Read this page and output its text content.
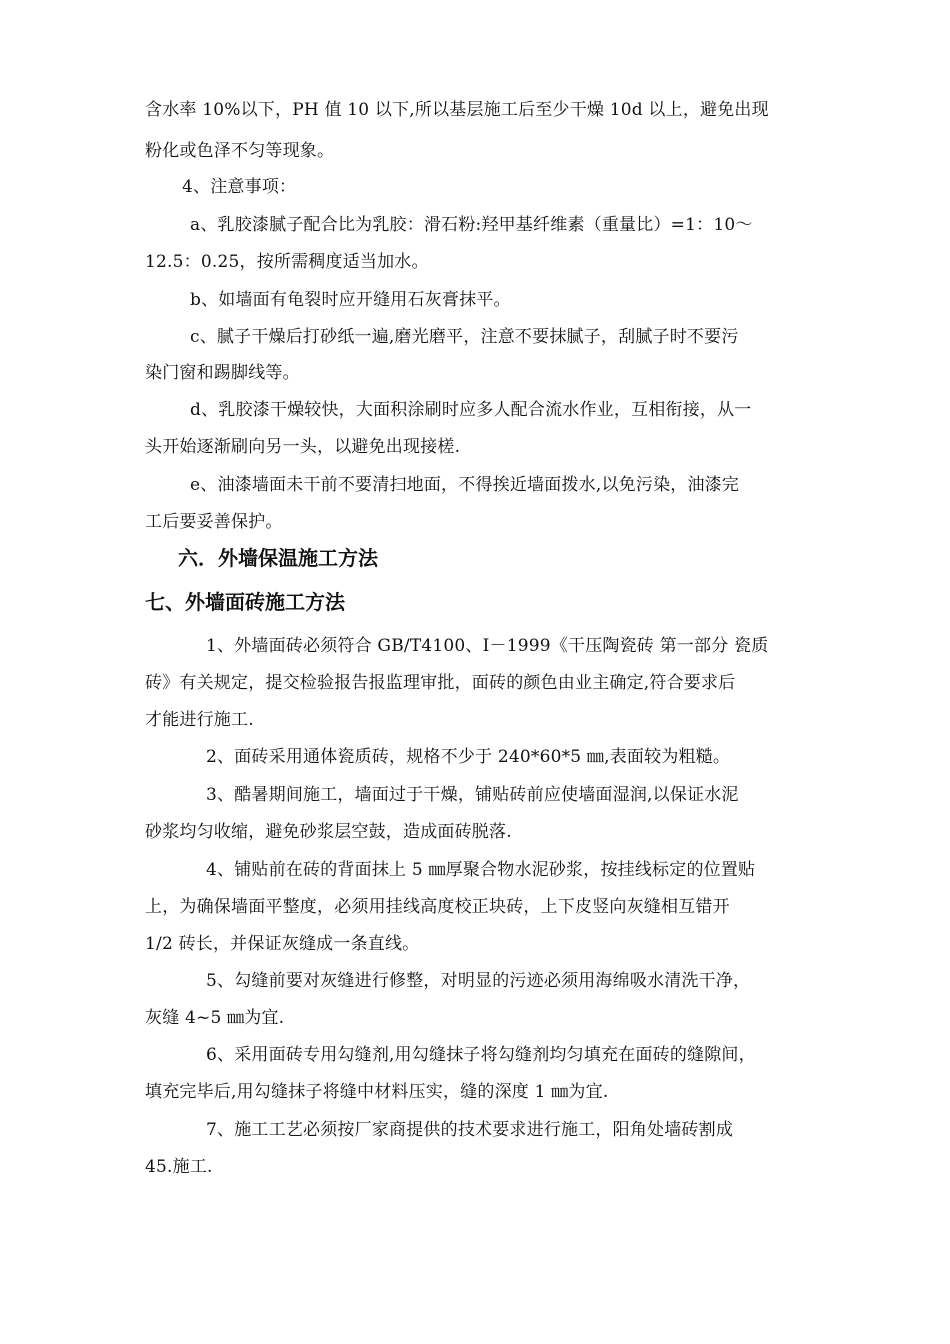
含水率 10%以下，PH 值 10 以下,所以基层施工后至少干燥 10d 以上，避免出现
粉化或色泽不匀等现象。
4、注意事项：
a、乳胶漆腻子配合比为乳胶：滑石粉:羟甲基纤维素（重量比）=1：10～
12.5：0.25，按所需稠度适当加水。
b、如墙面有龟裂时应开缝用石灰膏抹平。
c、腻子干燥后打砂纸一遍,磨光磨平，注意不要抹腻子，刮腻子时不要污
染门窗和踢脚线等。
d、乳胶漆干燥较快，大面积涂刷时应多人配合流水作业，互相衔接，从一
头开始逐渐刷向另一头，以避免出现接槎.
e、油漆墙面未干前不要清扫地面，不得挨近墙面拨水,以免污染，油漆完
工后要妥善保护。
六．外墙保温施工方法
七、外墙面砖施工方法
1、外墙面砖必须符合 GB/T4100、I－1999《干压陶瓷砖 第一部分 瓷质
砖》有关规定，提交检验报告报监理审批，面砖的颜色由业主确定,符合要求后
才能进行施工.
2、面砖采用通体瓷质砖，规格不少于 240*60*5 ㎜,表面较为粗糙。
3、酷暑期间施工，墙面过于干燥，铺贴砖前应使墙面湿润,以保证水泥
砂浆均匀收缩，避免砂浆层空鼓，造成面砖脱落.
4、铺贴前在砖的背面抹上 5 ㎜厚聚合物水泥砂浆，按挂线标定的位置贴
上，为确保墙面平整度，必须用挂线高度校正块砖，上下皮竖向灰缝相互错开
1/2 砖长，并保证灰缝成一条直线。
5、勾缝前要对灰缝进行修整，对明显的污迹必须用海绵吸水清洗干净，
灰缝 4~5 ㎜为宜.
6、采用面砖专用勾缝剂,用勾缝抹子将勾缝剂均匀填充在面砖的缝隙间，
填充完毕后,用勾缝抹子将缝中材料压实，缝的深度 1 ㎜为宜.
7、施工工艺必须按厂家商提供的技术要求进行施工，阳角处墙砖割成
45.施工.
